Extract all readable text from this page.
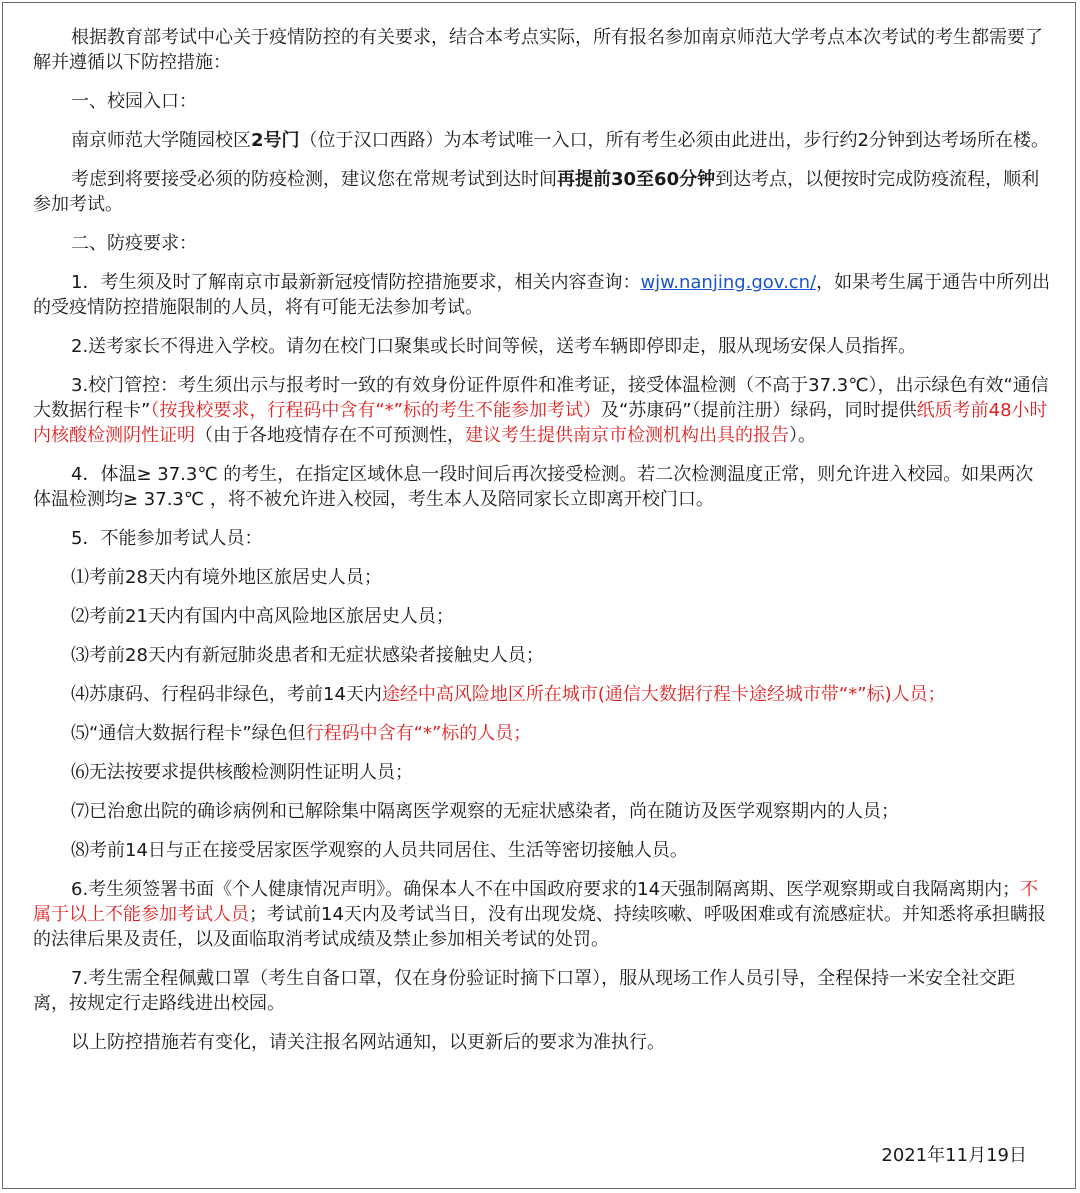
根据教育部考试中心关于疫情防控的有关要求，结合本考点实际，所有报名参加南京师范大学考点本次考试的考生都需要了解并遵循以下防控措施：

一、校园入口：

南京师范大学随园校区2号门（位于汉口西路）为本考试唯一入口，所有考生必须由此进出，步行约2分钟到达考场所在楼。

考虑到将要接受必须的防疫检测，建议您在常规考试到达时间再提前30至60分钟到达考点，以便按时完成防疫流程，顺利参加考试。

二、防疫要求：

1．考生须及时了解南京市最新新冠疫情防控措施要求，相关内容查询：wjw.nanjing.gov.cn/，如果考生属于通告中所列出的受疫情防控措施限制的人员，将有可能无法参加考试。

2.送考家长不得进入学校。请勿在校门口聚集或长时间等候，送考车辆即停即走，服从现场安保人员指挥。

3.校门管控：考生须出示与报考时一致的有效身份证件原件和准考证，接受体温检测（不高于37.3℃），出示绿色有效“通信大数据行程卡”（按我校要求，行程码中含有“*”标的考生不能参加考试）及“苏康码”（提前注册）绿码，同时提供纸质考前48小时内核酸检测阴性证明（由于各地疫情存在不可预测性，建议考生提供南京市检测机构出具的报告）。

4．体温≥ 37.3℃ 的考生，在指定区域休息一段时间后再次接受检测。若二次检测温度正常，则允许进入校园。如果两次体温检测均≥ 37.3℃ ，将不被允许进入校园，考生本人及陪同家长立即离开校门口。

5．不能参加考试人员：

⑴考前28天内有境外地区旅居史人员；

⑵考前21天内有国内中高风险地区旅居史人员；

⑶考前28天内有新冠肺炎患者和无症状感染者接触史人员；

⑷苏康码、行程码非绿色，考前14天内途经中高风险地区所在城市(通信大数据行程卡途经城市带“*”标)人员；

⑸“通信大数据行程卡”绿色但行程码中含有“*”标的人员；

⑹无法按要求提供核酸检测阴性证明人员；

⑺已治愈出院的确诊病例和已解除集中隔离医学观察的无症状感染者，尚在随访及医学观察期内的人员；

⑻考前14日与正在接受居家医学观察的人员共同居住、生活等密切接触人员。

6.考生须签署书面《个人健康情况声明》。确保本人不在中国政府要求的14天强制隔离期、医学观察期或自我隔离期内；不属于以上不能参加考试人员；考试前14天内及考试当日，没有出现发烧、持续咳嗽、呼吸困难或有流感症状。并知悉将承担瞒报的法律后果及责任，以及面临取消考试成绩及禁止参加相关考试的处罚。

7.考生需全程佩戴口罩（考生自备口罩，仅在身份验证时摘下口罩），服从现场工作人员引导，全程保持一米安全社交距离，按规定行走路线进出校园。

以上防控措施若有变化，请关注报名网站通知，以更新后的要求为准执行。

2021年11月19日
